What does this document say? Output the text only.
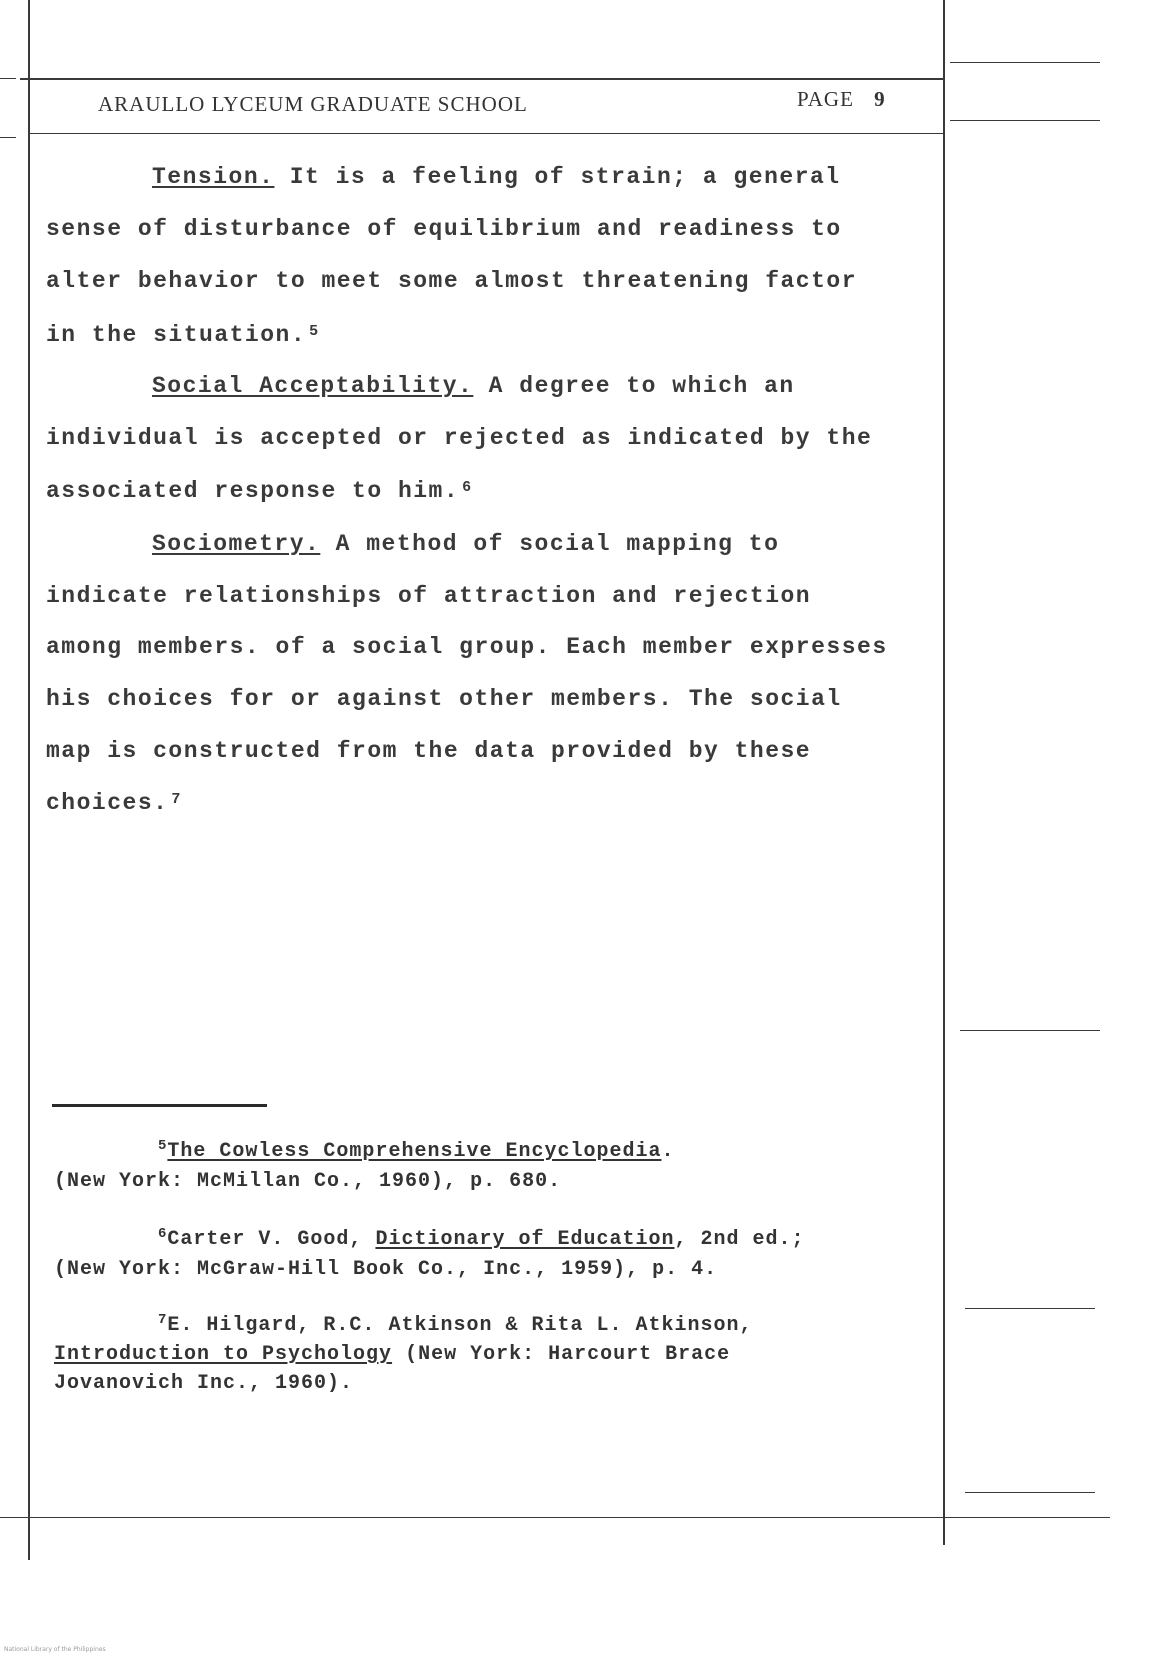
ARAULLO LYCEUM GRADUATE SCHOOL	PAGE 9
Tension. It is a feeling of strain; a general
sense of disturbance of equilibrium and readiness to
alter behavior to meet some almost threatening factor
in the situation. $^5$
Social Acceptability. A degree to which an
individual is accepted or rejected as indicated by the
associated response to him. $^6$
Sociometry. A method of social mapping to
indicate relationships of attraction and rejection
among members. of a social group. Each member expresses
his choices for or against other members. The social
map is constructed from the data provided by these
choices. $^7$
$^5$The Cowless Comprehensive Encyclopedia.
(New York: McMillan Co., 1960), p. 680.
$^6$Carter V. Good, Dictionary of Education, 2nd ed.;
(New York: McGraw-Hill Book Co., Inc., 1959), p. 4.
$^7$E. Hilgard, R.C. Atkinson & Rita L. Atkinson,
Introduction to Psychology (New York: Harcourt Brace
Jovanovich Inc., 1960).
National Library of the Philippines
